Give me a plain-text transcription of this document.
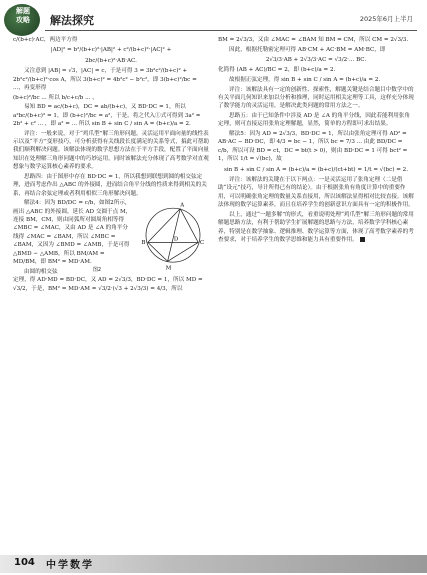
解题
攻略	解法探究	2025年6月上半月

c/(b+c)·AC，两边平方得

|AD|² = b²/(b+c)²·|AB|² + c²/(b+c)²·|AC|² +
2bc/(b+c)²·AB·AC.

又注意到 |AB| = √3，|AC| = c，于是可得 3 = 3b²c²/(b+c)² + 2b²c²/(b+c)²·cos A，所以 3(b+c)² = 4b²c² − b²c²，即 3(b+c)²/bc = ...，再变形得

(b+c)²/bc ... 所以 b/c+c/b ... ，

易知 BD = ac/(b+c)，DC = ab/(b+c)，又 BD·DC = 1，所以 a²bc/(b+c)² = 1，即 (b+c)²/bc = a²，于是，将之代入①式可得到 3a² = 2b² + c² ... ，即 a² = ... 所以 sin B + sin C / sin A = (b+c)/a = 2.

评注：一般来说，对于“鸡爪型”解三角形问题，灵活运用平面向量的线性表示以及“平方”变形技巧，可分析获得有关线段长度满足的关系等式，搞此可帮助我们顺利解决问题。该解法体现的数学思想方法在于平方手段，配置了平面向量知识在处理解三角形问题中的巧妙运用，同时该解法充分体现了高考数学对直观想象与数学运算核心素养的要求。

思路四：由于图形中存在 BD·DC = 1，所以我想到联想到圆的相交弦定理，进而考虑作出 △ABC 的外接圆，进而结合角平分线的性质来得到相关的关系，再结合余弦定理或者利用相似三角形解决问题。

A
B	C
D
M

解法4：因为 BD/DC = c/b，如图2所示，画出 △ABC 的外接圆，延长 AD 交圆于点 M，连接 BM，CM，则由同弧所对圆周角相等得 ∠MBC = ∠MAC，又由 AD 是 ∠A 的角平分线得 ∠MAC = ∠BAM，所以 ∠MBC = ∠BAM，又因为 ∠BMD = ∠AMB，于是可得 △BMD ∽ △AMB，所以 BM/AM = MD/BM，即 BM² = MD·AM.

图2

由圆的相交弦定理，得 AD·MD = BD·DC，又 AD = 2√3/3，BD·DC = 1，所以 MD = √3/2，于是，BM² = MD·AM = √3/2·(√3 + 2√3/3) = 4/3，所以

BM = 2√3/3，又由 ∠MAC = ∠BAM 知 BM = CM，所以 CM = 2√3/3.

因此，根据托勒密定理可得 AB·CM + AC·BM = AM·BC，即

2√3/3·AB + 2√3/3·AC = √3/2·... BC.

化简得 (AB + AC)/BC = 2，即 (b+c)/a = 2.

故根据正弦定理，得 sin B + sin C / sin A = (b+c)/a = 2.

评注：该解法具有一定的创新性、探索性，解题关键是结合题目中数学中的有关平面几何知识来加以分析和推理，同时运用相关定理等工具，这样充分体现了数学能力的灵活运用，是解决此类问题的常用方法之一。

思路五：由于已知条件中涉及 AD 是 ∠A 的角平分线，因此若能利用张角定理，则可直接运用张角定理解题，显然，简单的方程即可求出结果。

解法5：因为 AD = 2√3/3，BD·DC = 1，所以由张角定理可得 AD² = AB·AC − BD·DC，即 4/3 = bc − 1，所以 bc = 7/3 ... 由此 BD/DC = c/b，所以可设 BD = ct，DC = bt(t > 0)，则由 BD·DC = 1 可得 bct² = 1，所以 1/t = √(bc)，故

sin B + sin C / sin A = (b+c)/a = (b+c)/(ct+bt) = 1/t = √(bc) = 2.

评注：该解法的关键在于以下两点：一是灵活运用了张角定理（二是借助“设元”技巧，导计所得已有的结论）。由于根据张角有角度计算中的重要作用，可以明确张角定理的数量关系直接用，所以该解法显得相对比较直接。该解法体现的数学运算素养，而且在培养学生的创新意识方面具有一定的积极作用。

以上，通过“一题多解”的形式，看重说明处理“鸡爪型”解三角形问题的常用解题思路方法，有利于帮助学生扩展解题的思路与方法，培养数学学科核心素养，特别是在数学抽象、逻辑推理、数学运算等方面，体现了高考数学素养的考查要求，对于培养学生的数学思维和能力具有重要作用。

104 中学数学
